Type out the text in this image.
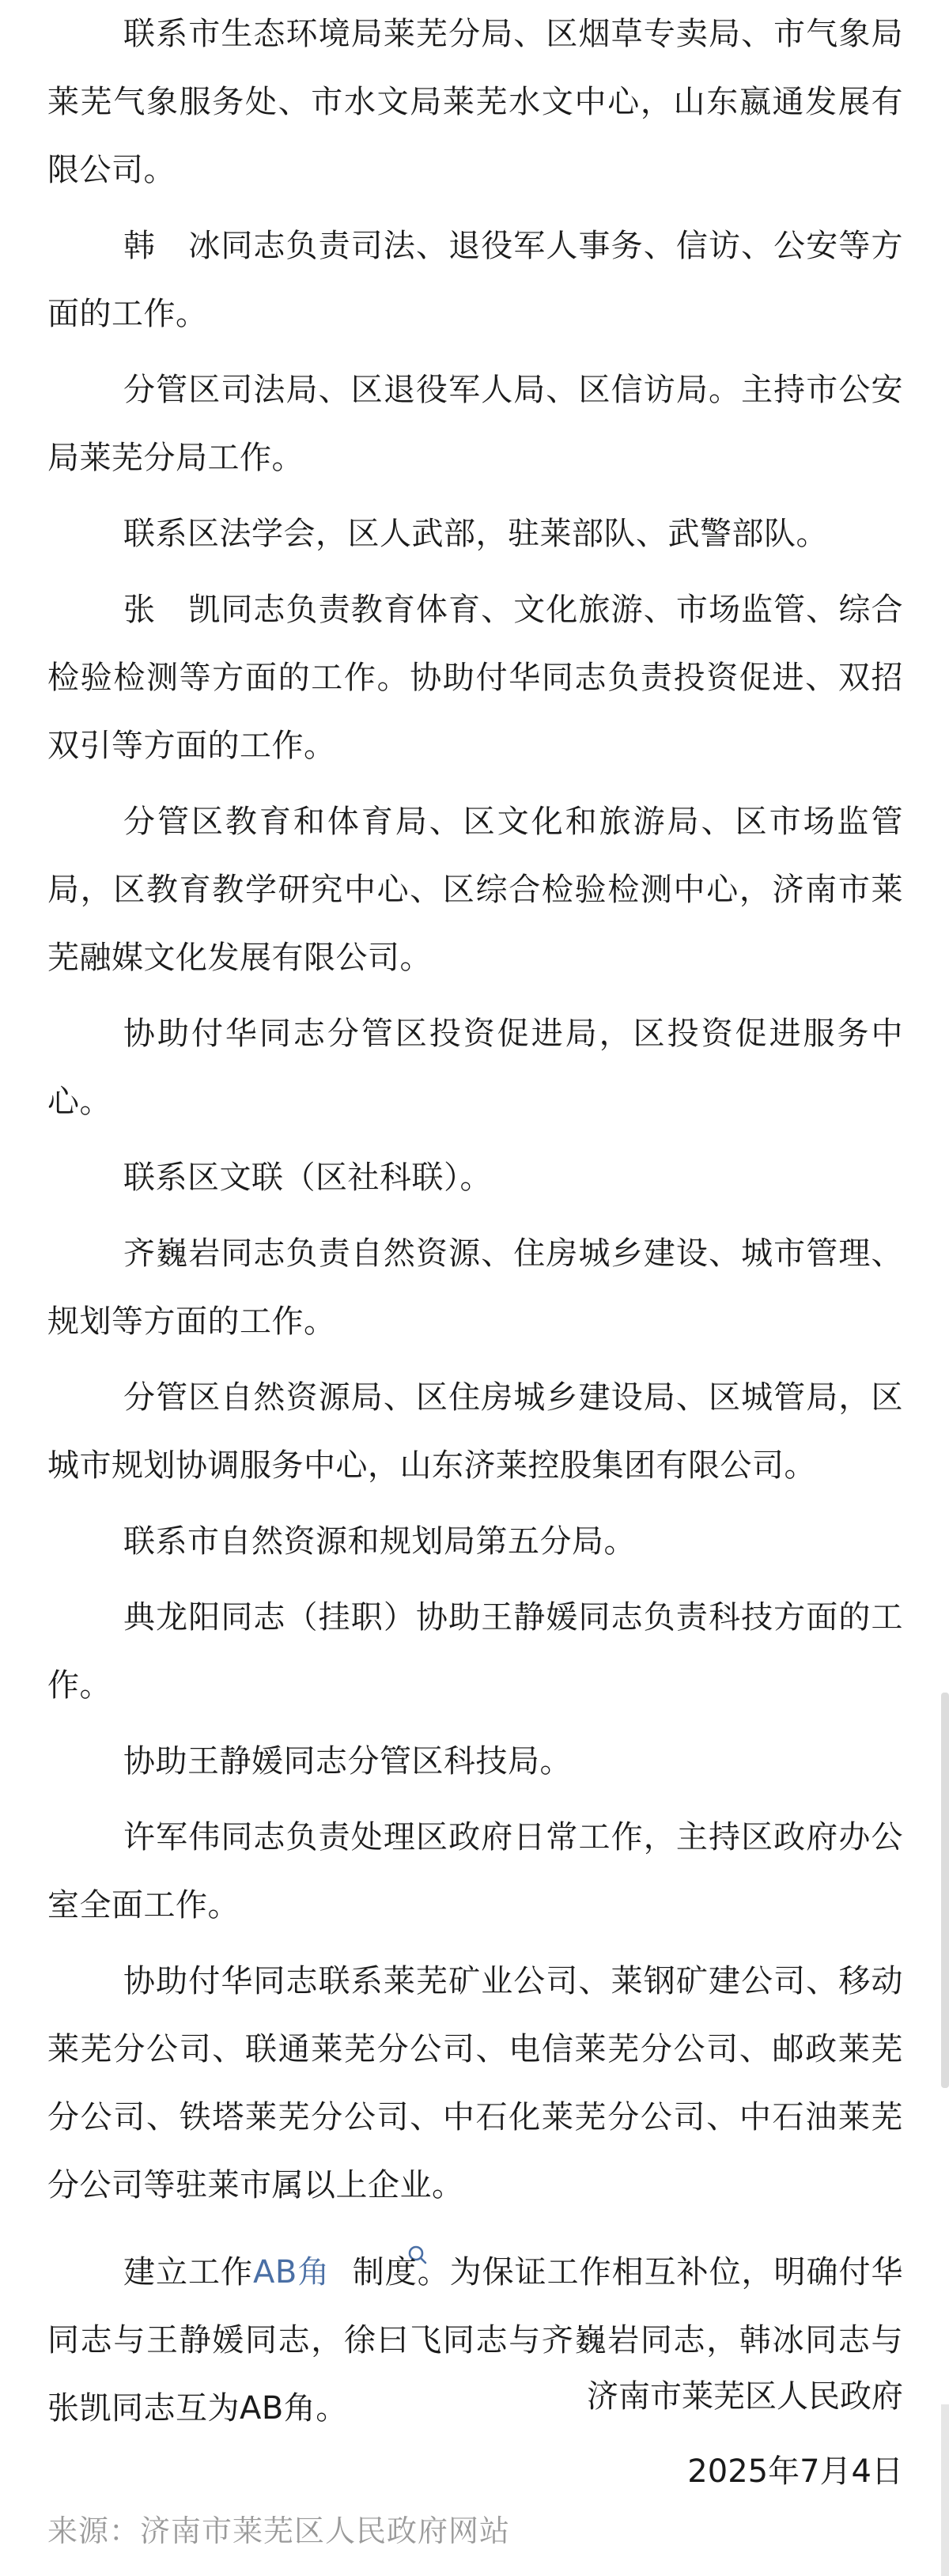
联系市生态环境局莱芜分局、区烟草专卖局、市气象局莱芜气象服务处、市水文局莱芜水文中心，山东嬴通发展有限公司。

韩　冰同志负责司法、退役军人事务、信访、公安等方面的工作。

分管区司法局、区退役军人局、区信访局。主持市公安局莱芜分局工作。

联系区法学会，区人武部，驻莱部队、武警部队。

张　凯同志负责教育体育、文化旅游、市场监管、综合检验检测等方面的工作。协助付华同志负责投资促进、双招双引等方面的工作。

分管区教育和体育局、区文化和旅游局、区市场监管局，区教育教学研究中心、区综合检验检测中心，济南市莱芜融媒文化发展有限公司。

协助付华同志分管区投资促进局，区投资促进服务中心。

联系区文联（区社科联）。

齐巍岩同志负责自然资源、住房城乡建设、城市管理、规划等方面的工作。

分管区自然资源局、区住房城乡建设局、区城管局，区城市规划协调服务中心，山东济莱控股集团有限公司。

联系市自然资源和规划局第五分局。

典龙阳同志（挂职）协助王静媛同志负责科技方面的工作。

协助王静媛同志分管区科技局。

许军伟同志负责处理区政府日常工作，主持区政府办公室全面工作。

协助付华同志联系莱芜矿业公司、莱钢矿建公司、移动莱芜分公司、联通莱芜分公司、电信莱芜分公司、邮政莱芜分公司、铁塔莱芜分公司、中石化莱芜分公司、中石油莱芜分公司等驻莱市属以上企业。

建立工作AB角 制度。为保证工作相互补位，明确付华同志与王静媛同志，徐曰飞同志与齐巍岩同志，韩冰同志与张凯同志互为AB角。	济南市莱芜区人民政府
2025年7月4日
来源：济南市莱芜区人民政府网站
